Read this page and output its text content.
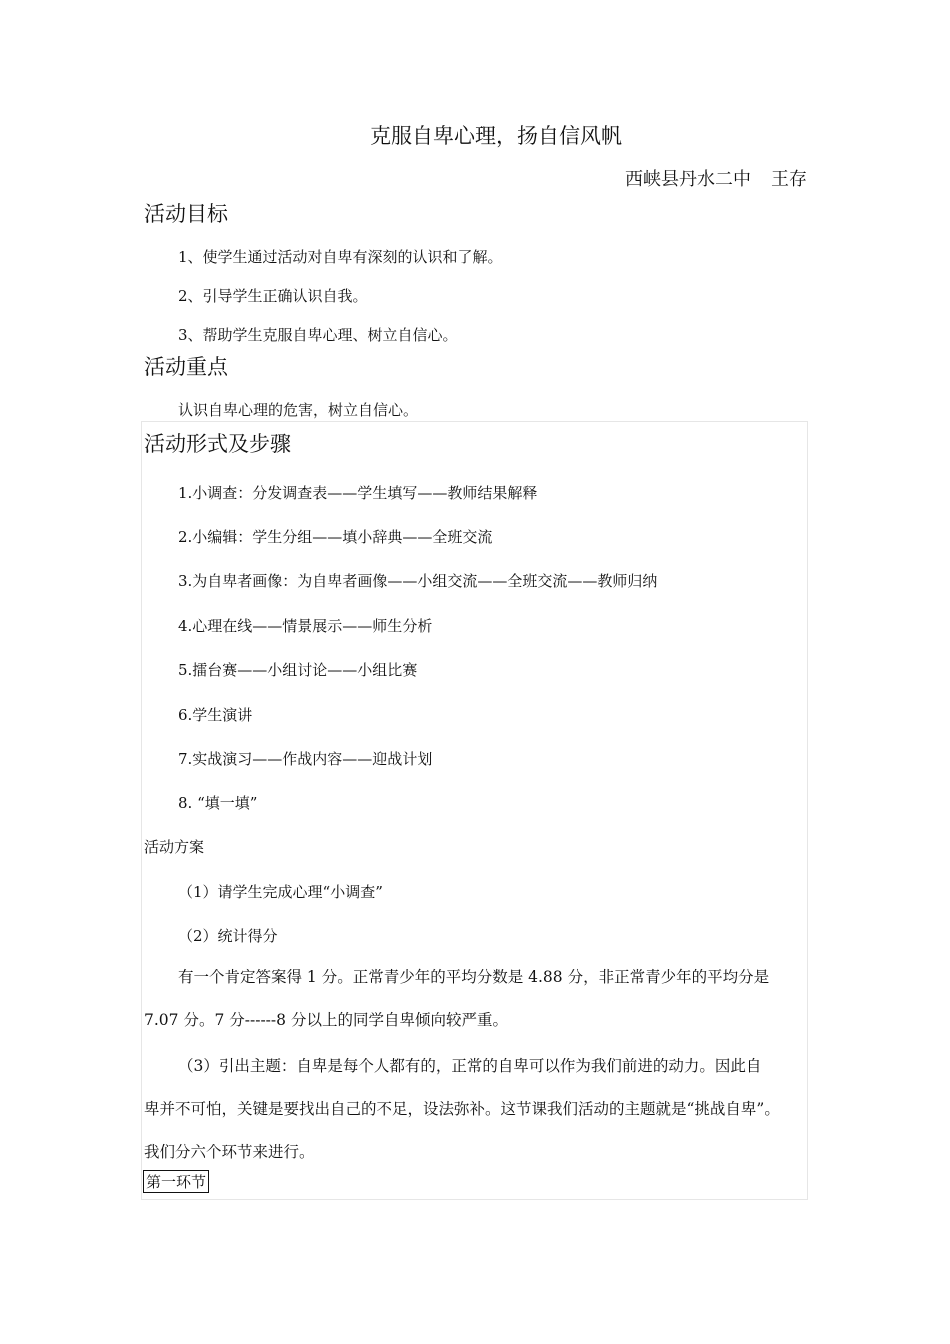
克服自卑心理，扬自信风帆
西峡县丹水二中 王存
活动目标
1、使学生通过活动对自卑有深刻的认识和了解。
2、引导学生正确认识自我。
3、帮助学生克服自卑心理、树立自信心。
活动重点
认识自卑心理的危害，树立自信心。
活动形式及步骤
1.小调查：分发调查表——学生填写——教师结果解释
2.小编辑：学生分组——填小辞典——全班交流
3.为自卑者画像：为自卑者画像——小组交流——全班交流——教师归纳
4.心理在线——情景展示——师生分析
5.擂台赛——小组讨论——小组比赛
6.学生演讲
7.实战演习——作战内容——迎战计划
8. “填一填”
活动方案
（1）请学生完成心理“小调查”
（2）统计得分
有一个肯定答案得 1 分。正常青少年的平均分数是 4.88 分，非正常青少年的平均分是
7.07 分。7 分------8 分以上的同学自卑倾向较严重。
（3）引出主题：自卑是每个人都有的，正常的自卑可以作为我们前进的动力。因此自
卑并不可怕，关键是要找出自己的不足，设法弥补。这节课我们活动的主题就是“挑战自卑”。
我们分六个环节来进行。
第一环节
